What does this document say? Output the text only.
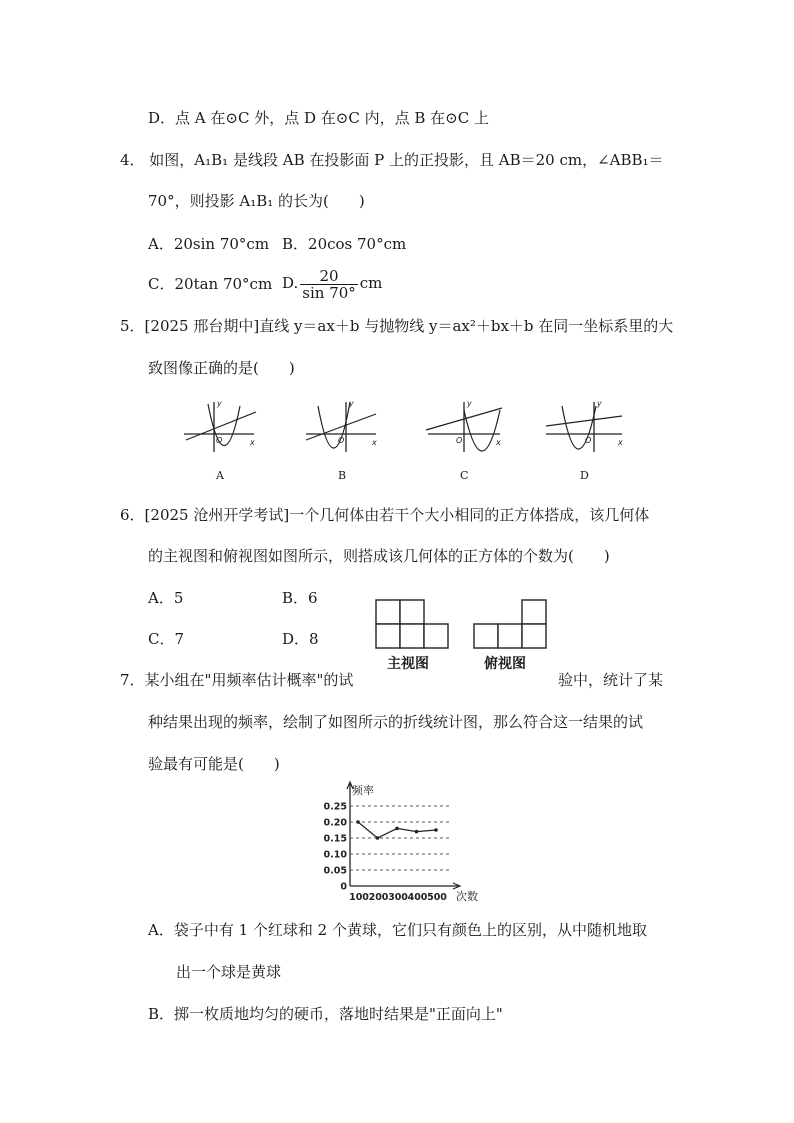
D．点 A 在⊙C 外，点 D 在⊙C 内，点 B 在⊙C 上
4． 如图，A₁B₁ 是线段 AB 在投影面 P 上的正投影，且 AB＝20 cm，∠ABB₁＝
70°，则投影 A₁B₁ 的长为(　　)
A．20sin 70°cm B．20cos 70°cm
C．20tan 70°cm D. $\frac{20}{\sin 70^\circ}$ cm
5．[2025 邢台期中]直线 y＝ax＋b 与抛物线 y＝ax²＋bx＋b 在同一坐标系里的大
致图像正确的是(　　)
x
y
O
A
x
y
O
B
x
y
O
C
x
y
O
D
6．[2025 沧州开学考试]一个几何体由若干个大小相同的正方体搭成，该几何体
的主视图和俯视图如图所示，则搭成该几何体的正方体的个数为(　　)
A．5	B．6
C．7	D．8
主视图	俯视图
7．某小组在"用频率估计概率"的试	验中，统计了某
种结果出现的频率，绘制了如图所示的折线统计图，那么符合这一结果的试
验最有可能是(　　)
频率
次数
0
0.05
0.10
0.15
0.20
0.25
100 200 300 400 500
A．袋子中有 1 个红球和 2 个黄球，它们只有颜色上的区别，从中随机地取
出一个球是黄球
B．掷一枚质地均匀的硬币，落地时结果是"正面向上"
